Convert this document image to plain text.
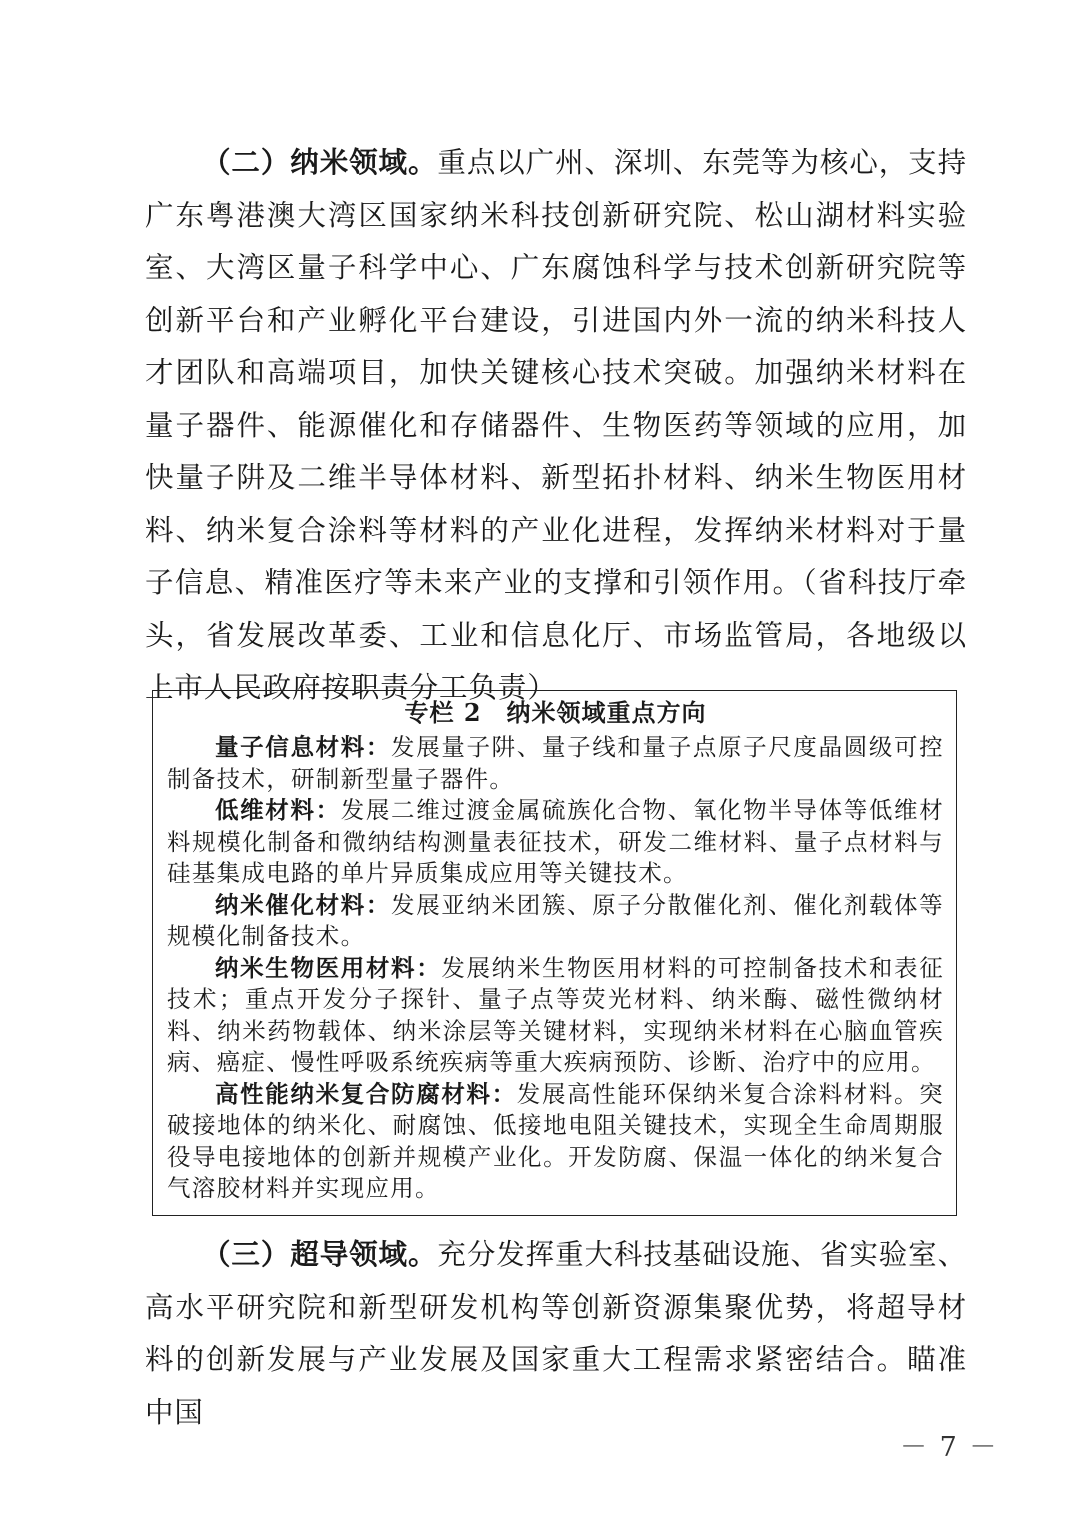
（二）纳米领域。重点以广州、深圳、东莞等为核心，支持广东粤港澳大湾区国家纳米科技创新研究院、松山湖材料实验室、大湾区量子科学中心、广东腐蚀科学与技术创新研究院等创新平台和产业孵化平台建设，引进国内外一流的纳米科技人才团队和高端项目，加快关键核心技术突破。加强纳米材料在量子器件、能源催化和存储器件、生物医药等领域的应用，加快量子阱及二维半导体材料、新型拓扑材料、纳米生物医用材料、纳米复合涂料等材料的产业化进程，发挥纳米材料对于量子信息、精准医疗等未来产业的支撑和引领作用。（省科技厅牵头，省发展改革委、工业和信息化厅、市场监管局，各地级以上市人民政府按职责分工负责）

专栏 2　纳米领域重点方向

量子信息材料：发展量子阱、量子线和量子点原子尺度晶圆级可控制备技术，研制新型量子器件。

低维材料：发展二维过渡金属硫族化合物、氧化物半导体等低维材料规模化制备和微纳结构测量表征技术，研发二维材料、量子点材料与硅基集成电路的单片异质集成应用等关键技术。

纳米催化材料：发展亚纳米团簇、原子分散催化剂、催化剂载体等规模化制备技术。

纳米生物医用材料：发展纳米生物医用材料的可控制备技术和表征技术；重点开发分子探针、量子点等荧光材料、纳米酶、磁性微纳材料、纳米药物载体、纳米涂层等关键材料，实现纳米材料在心脑血管疾病、癌症、慢性呼吸系统疾病等重大疾病预防、诊断、治疗中的应用。

高性能纳米复合防腐材料：发展高性能环保纳米复合涂料材料。突破接地体的纳米化、耐腐蚀、低接地电阻关键技术，实现全生命周期服役导电接地体的创新并规模产业化。开发防腐、保温一体化的纳米复合气溶胶材料并实现应用。

（三）超导领域。充分发挥重大科技基础设施、省实验室、高水平研究院和新型研发机构等创新资源集聚优势，将超导材料的创新发展与产业发展及国家重大工程需求紧密结合。瞄准中国

－ 7 －
